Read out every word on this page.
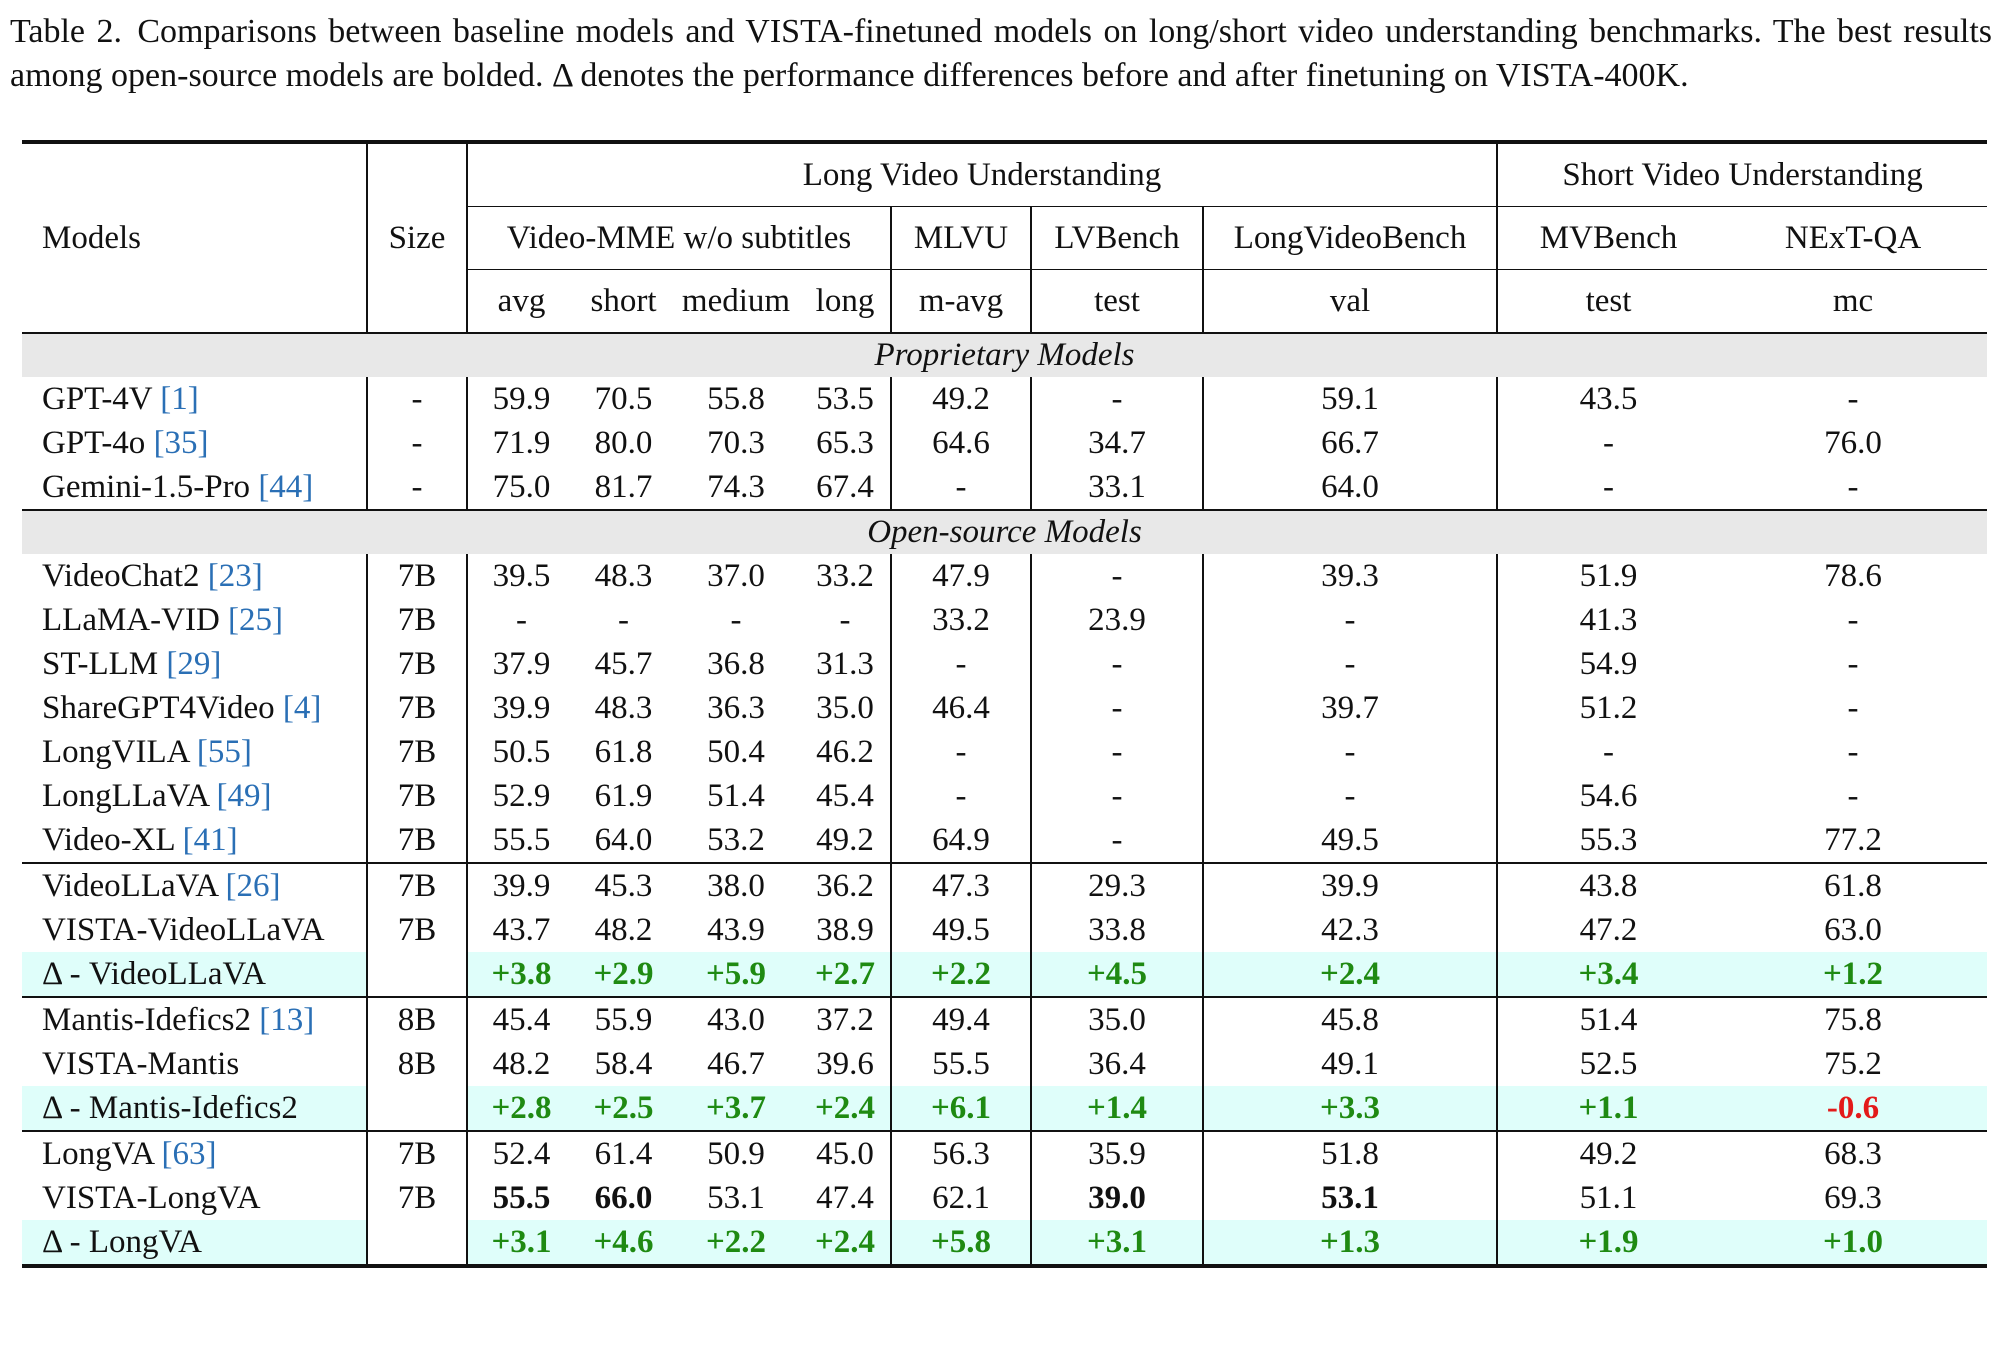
Table 2. Comparisons between baseline models and VISTA-finetuned models on long/short video understanding benchmarks. The best results among open-source models are bolded. Δ denotes the performance differences before and after finetuning on VISTA-400K.
Models	Size	Long Video Understanding							Short Video Understanding	
		Video-MME w/o subtitles				MLVU	LVBench	LongVideoBench	MVBench	NExT-QA
		avg	short	medium	long	m-avg	test	val	test	mc
Proprietary Models										
GPT-4V [1]	-	59.9	70.5	55.8	53.5	49.2	-	59.1	43.5	-
GPT-4o [35]	-	71.9	80.0	70.3	65.3	64.6	34.7	66.7	-	76.0
Gemini-1.5-Pro [44]	-	75.0	81.7	74.3	67.4	-	33.1	64.0	-	-
Open-source Models										
VideoChat2 [23]	7B	39.5	48.3	37.0	33.2	47.9	-	39.3	51.9	78.6
LLaMA-VID [25]	7B	-	-	-	-	33.2	23.9	-	41.3	-
ST-LLM [29]	7B	37.9	45.7	36.8	31.3	-	-	-	54.9	-
ShareGPT4Video [4]	7B	39.9	48.3	36.3	35.0	46.4	-	39.7	51.2	-
LongVILA [55]	7B	50.5	61.8	50.4	46.2	-	-	-	-	-
LongLLaVA [49]	7B	52.9	61.9	51.4	45.4	-	-	-	54.6	-
Video-XL [41]	7B	55.5	64.0	53.2	49.2	64.9	-	49.5	55.3	77.2
VideoLLaVA [26]	7B	39.9	45.3	38.0	36.2	47.3	29.3	39.9	43.8	61.8
VISTA-VideoLLaVA	7B	43.7	48.2	43.9	38.9	49.5	33.8	42.3	47.2	63.0
Δ - VideoLLaVA		+3.8	+2.9	+5.9	+2.7	+2.2	+4.5	+2.4	+3.4	+1.2
Mantis-Idefics2 [13]	8B	45.4	55.9	43.0	37.2	49.4	35.0	45.8	51.4	75.8
VISTA-Mantis	8B	48.2	58.4	46.7	39.6	55.5	36.4	49.1	52.5	75.2
Δ - Mantis-Idefics2		+2.8	+2.5	+3.7	+2.4	+6.1	+1.4	+3.3	+1.1	-0.6
LongVA [63]	7B	52.4	61.4	50.9	45.0	56.3	35.9	51.8	49.2	68.3
VISTA-LongVA	7B	55.5	66.0	53.1	47.4	62.1	39.0	53.1	51.1	69.3
Δ - LongVA		+3.1	+4.6	+2.2	+2.4	+5.8	+3.1	+1.3	+1.9	+1.0
